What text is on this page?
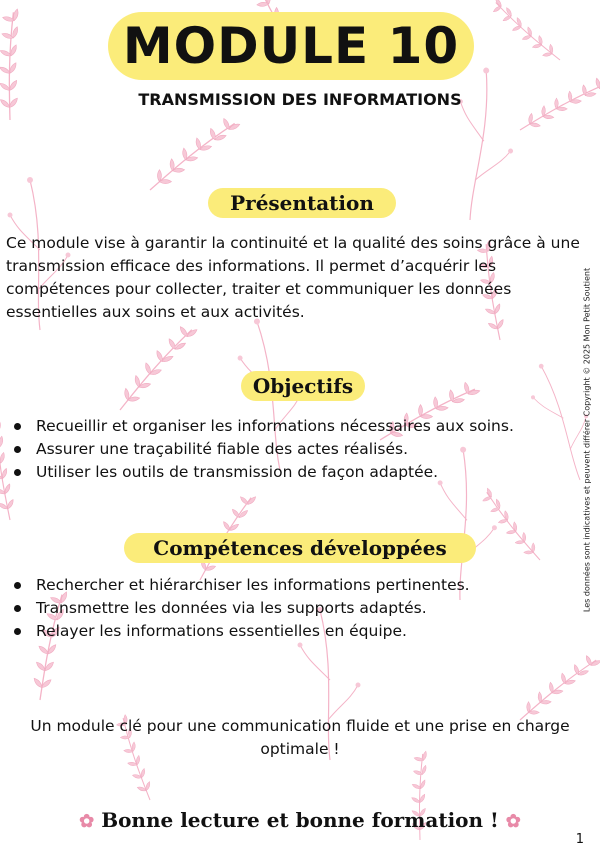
MODULE 10
TRANSMISSION DES INFORMATIONS
Présentation
Ce module vise à garantir la continuité et la qualité des soins grâce à une transmission efficace des informations. Il permet d’acquérir les compétences pour collecter, traiter et communiquer les données essentielles aux soins et aux activités.
Objectifs
Recueillir et organiser les informations nécessaires aux soins.
Assurer une traçabilité fiable des actes réalisés.
Utiliser les outils de transmission de façon adaptée.
Compétences développées
Rechercher et hiérarchiser les informations pertinentes.
Transmettre les données via les supports adaptés.
Relayer les informations essentielles en équipe.
Un module clé pour une communication fluide et une prise en charge optimale !
✿ Bonne lecture et bonne formation ! ✿
Les données sont indicatives et peuvent différer Copyright © 2025 Mon Petit Soutient
1
